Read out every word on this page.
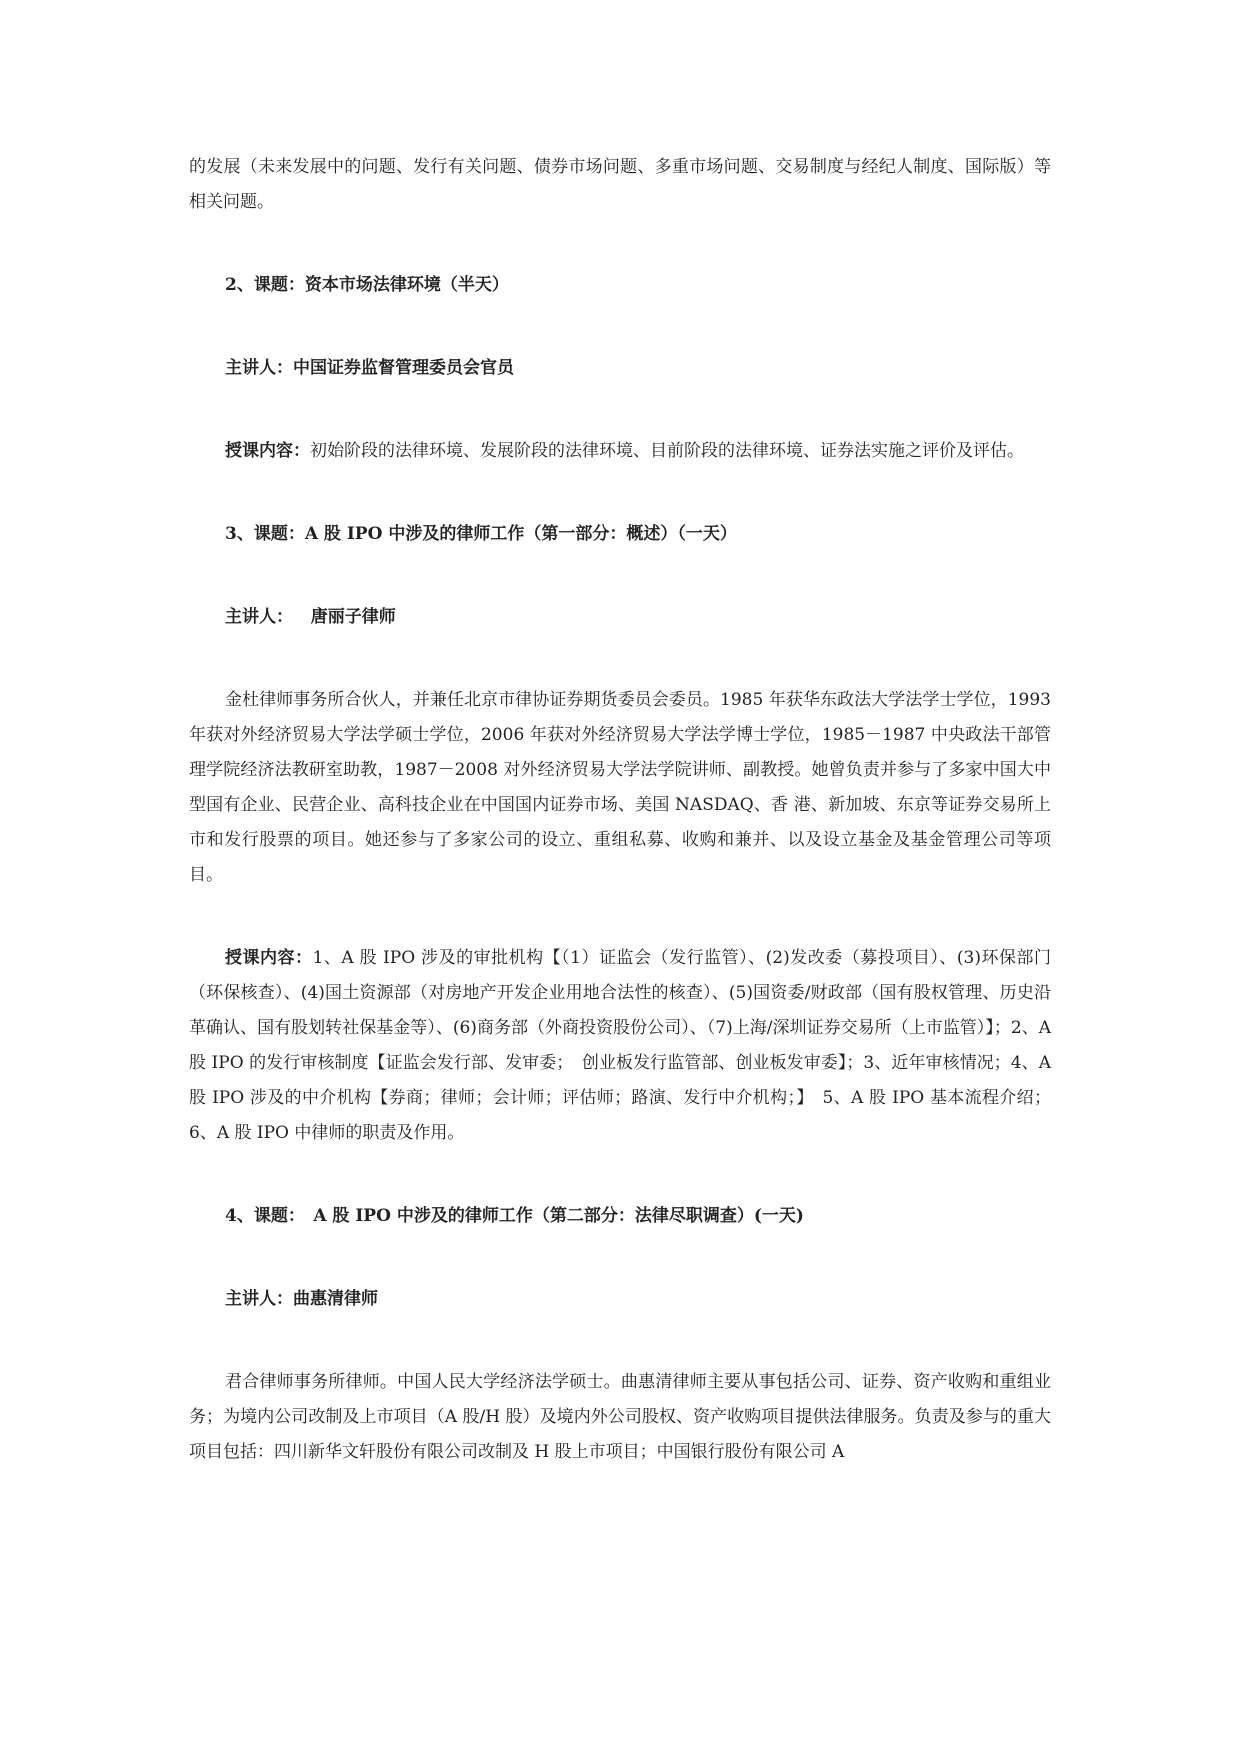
的发展（未来发展中的问题、发行有关问题、债券市场问题、多重市场问题、交易制度与经纪人制度、国际版）等相关问题。

2、课题：资本市场法律环境（半天）

主讲人：中国证券监督管理委员会官员

授课内容：初始阶段的法律环境、发展阶段的法律环境、目前阶段的法律环境、证券法实施之评价及评估。

3、课题：A 股 IPO 中涉及的律师工作（第一部分：概述）（一天）

主讲人： 唐丽子律师

金杜律师事务所合伙人，并兼任北京市律协证券期货委员会委员。1985 年获华东政法大学法学士学位，1993 年获对外经济贸易大学法学硕士学位，2006 年获对外经济贸易大学法学博士学位，1985－1987 中央政法干部管理学院经济法教研室助教，1987－2008 对外经济贸易大学法学院讲师、副教授。她曾负责并参与了多家中国大中型国有企业、民营企业、高科技企业在中国国内证券市场、美国 NASDAQ、香 港、新加坡、东京等证券交易所上市和发行股票的项目。她还参与了多家公司的设立、重组私募、收购和兼并、以及设立基金及基金管理公司等项目。

授课内容：1、A 股 IPO 涉及的审批机构【（1）证监会（发行监管）、(2)发改委（募投项目）、(3)环保部门（环保核查）、(4)国土资源部（对房地产开发企业用地合法性的核查）、(5)国资委/财政部（国有股权管理、历史沿革确认、国有股划转社保基金等）、(6)商务部（外商投资股份公司）、（7)上海/深圳证券交易所（上市监管）】；2、A 股 IPO 的发行审核制度【证监会发行部、发审委；　创业板发行监管部、创业板发审委】；3、近年审核情况；4、A 股 IPO 涉及的中介机构【券商；律师；会计师；评估师；路演、发行中介机构；】　5、A 股 IPO 基本流程介绍；6、A 股 IPO 中律师的职责及作用。

4、课题：　A 股 IPO 中涉及的律师工作（第二部分：法律尽职调查）(一天)

主讲人：曲惠清律师

君合律师事务所律师。中国人民大学经济法学硕士。曲惠清律师主要从事包括公司、证券、资产收购和重组业务；为境内公司改制及上市项目（A 股/H 股）及境内外公司股权、资产收购项目提供法律服务。负责及参与的重大项目包括：四川新华文轩股份有限公司改制及 H 股上市项目；中国银行股份有限公司 A
